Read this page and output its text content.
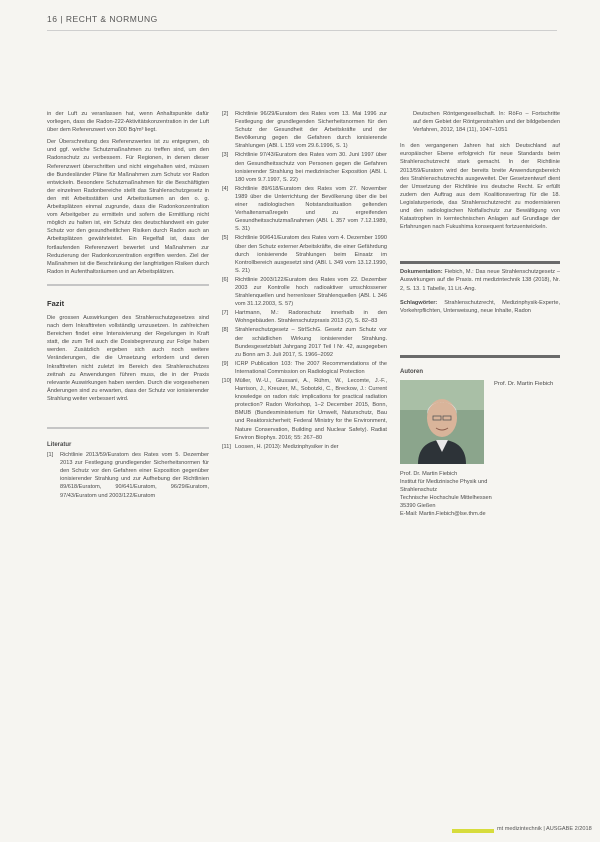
16 | RECHT & NORMUNG

in der Luft zu veranlassen hat, wenn Anhaltspunkte dafür vorliegen, dass die Radon-222-Aktivitätskonzentration in der Luft über dem Referenzwert von 300 Bq/m³ liegt.

Der Überschreitung des Referenzwertes ist zu entgegnen, ob und ggf. welche Schutzmaßnahmen zu treffen sind, um den Radonschutz zu verbessern. Für Regionen, in denen dieser Referenzwert überschritten und nicht eingehalten wird, müssen die Bundesländer Pläne für Maßnahmen zum Schutz vor Radon entwickeln. Besondere Schutzmaßnahmen für die Beschäftigten der einzelnen Radonbereiche stellt das Strahlenschutzgesetz in den mit Arbeitsstätten und Arbeitsräumen an den o. g. Arbeitsplätzen einmal zugrunde, dass die Radonkonzentration vom Arbeitgeber zu ermitteln und sofern die Ermittlung nicht möglich zu halten ist, ein Schutz des deutschlandweit ein guter Schutz vor den gesundheitlichen Risiken durch Radon auch an Arbeitsplätzen gewährleistet. Ein Regelfall ist, dass der fortlaufenden Referenzwert bewertet und Maßnahmen zur Reduzierung der Radonkonzentration ergriffen werden. Ziel der Maßnahmen ist die Beschränkung der langfristigen Risiken durch Radon in Aufenthaltsräumen und an Arbeitsplätzen.

Fazit

Die grossen Auswirkungen des Strahlenschutzgesetzes sind nach dem Inkrafttreten vollständig umzusetzen. In zahlreichen Bereichen findet eine Intensivierung der Regelungen in Kraft statt, die zum Teil auch die Dosisbegrenzung zur Folge haben werden. Zusätzlich ergeben sich auch noch weitere Veränderungen, die die Umsetzung erfordern und deren Inkrafttreten nicht zuletzt im Bereich des Strahlenschutzes zeitnah zu Anwendungen führen muss, die in der Praxis relevante Auswirkungen haben werden. Durch die vorgesehenen Änderungen sind zu erwarten, dass der Schutz vor ionisierender Strahlung weiter verbessert wird.

Literatur
[1]	Richtlinie 2013/59/Euratom des Rates vom 5. Dezember 2013 zur Festlegung grundlegender Sicherheitsnormen für den Schutz vor den Gefahren einer Exposition gegenüber ionisierender Strahlung und zur Aufhebung der Richtlinien 89/618/Euratom, 90/641/Euratom, 96/29/Euratom, 97/43/Euratom und 2003/122/Euratom
[2]	Richtlinie 96/29/Euratom des Rates vom 13. Mai 1996 zur Festlegung der grundlegenden Sicherheitsnormen für den Schutz der Gesundheit der Arbeitskräfte und der Bevölkerung gegen die Gefahren durch ionisierende Strahlungen (ABl. L 159 vom 29.6.1996, S. 1)
[3]	Richtlinie 97/43/Euratom des Rates vom 30. Juni 1997 über den Gesundheitsschutz von Personen gegen die Gefahren ionisierender Strahlung bei medizinischer Exposition (ABl. L 180 vom 9.7.1997, S. 22)
[4]	Richtlinie 89/618/Euratom des Rates vom 27. November 1989 über die Unterrichtung der Bevölkerung über die bei einer radiologischen Notstandssituation geltenden Verhaltensmaßregeln und zu ergreifenden Gesundheitsschutzmaßnahmen (ABl. L 357 vom 7.12.1989, S. 31)
[5]	Richtlinie 90/641/Euratom des Rates vom 4. Dezember 1990 über den Schutz externer Arbeitskräfte, die einer Gefährdung durch ionisierende Strahlungen beim Einsatz im Kontrollbereich ausgesetzt sind (ABl. L 349 vom 13.12.1990, S. 21)
[6]	Richtlinie 2003/122/Euratom des Rates vom 22. Dezember 2003 zur Kontrolle hoch radioaktiver umschlossener Strahlenquellen und herrenloser Strahlenquellen (ABl. L 346 vom 31.12.2003, S. 57)
[7]	Hartmann, M.: Radonschutz innerhalb in den Wohngebäuden. Strahlenschutzpraxis 2013 (2), S. 82–83
[8]	Strahlenschutzgesetz – StrlSchG. Gesetz zum Schutz vor der schädlichen Wirkung ionisierender Strahlung. Bundesgesetzblatt Jahrgang 2017 Teil I Nr. 42, ausgegeben zu Bonn am 3. Juli 2017, S. 1966–2092
[9]	ICRP Publication 103: The 2007 Recommendations of the International Commission on Radiological Protection
[10] Müller, W.-U., Giussani, A., Rühm, W., Lecomte, J.-F., Harrison, J., Kreuzer, M., Sobotzki, C., Breckow, J.: Current knowledge on radon risk: implications for practical radiation protection? Radon Workshop, 1–2 December 2015, Bonn, BMUB (Bundesministerium für Umwelt, Naturschutz, Bau und Reaktorsicherheit; Federal Ministry for the Environment, Nature Conservation, Building and Nuclear Safety). Radiat Environ Biophys. 2016; 55: 267–80
[11] Loosen, H. (2013): Medizinphysiker in der

Deutschen Röntgengesellschaft. In: RöFo – Fortschritte auf dem Gebiet der Röntgenstrahlen und der bildgebenden Verfahren, 2012, 184 (11), 1047–1051

In den vergangenen Jahren hat sich Deutschland auf europäischer Ebene erfolgreich für neue Standards beim Strahlenschutzrecht stark gemacht. In der Richtlinie 2013/59/Euratom wird der bereits breite Anwendungsbereich des Strahlenschutzrechts ausgeweitet. Der Gesetzentwurf dient der Umsetzung der Richtlinie ins deutsche Recht. Er erfüllt zudem den Auftrag aus dem Koalitionsvertrag für die 18. Legislaturperiode, das Strahlenschutzrecht zu modernisieren und den radiologischen Notfallschutz zur Bewältigung von Katastrophen in kerntechnischen Anlagen auf Grundlage der Erfahrungen nach Fukushima konsequent fortzuentwickeln.

Dokumentation: Fiebich, M.: Das neue Strahlenschutzgesetz – Auswirkungen auf die Praxis. mt medizintechnik 138 (2018), Nr. 2, S. 13. 1 Tabelle, 11 Lit.-Ang.

Schlagwörter: Strahlenschutzrecht, Medizinphysik-Experte, Vorkehrpflichten, Unterweisung, neue Inhalte, Radon

Autoren
Prof. Dr. Martin Fiebich
Prof. Dr. Martin Fiebich
Institut für Medizinische Physik und
Strahlenschutz
Technische Hochschule Mittelhessen
35390 Gießen
E-Mail: Martin.Fiebich@lse.thm.de
mt medizintechnik | AUSGABE 2/2018
